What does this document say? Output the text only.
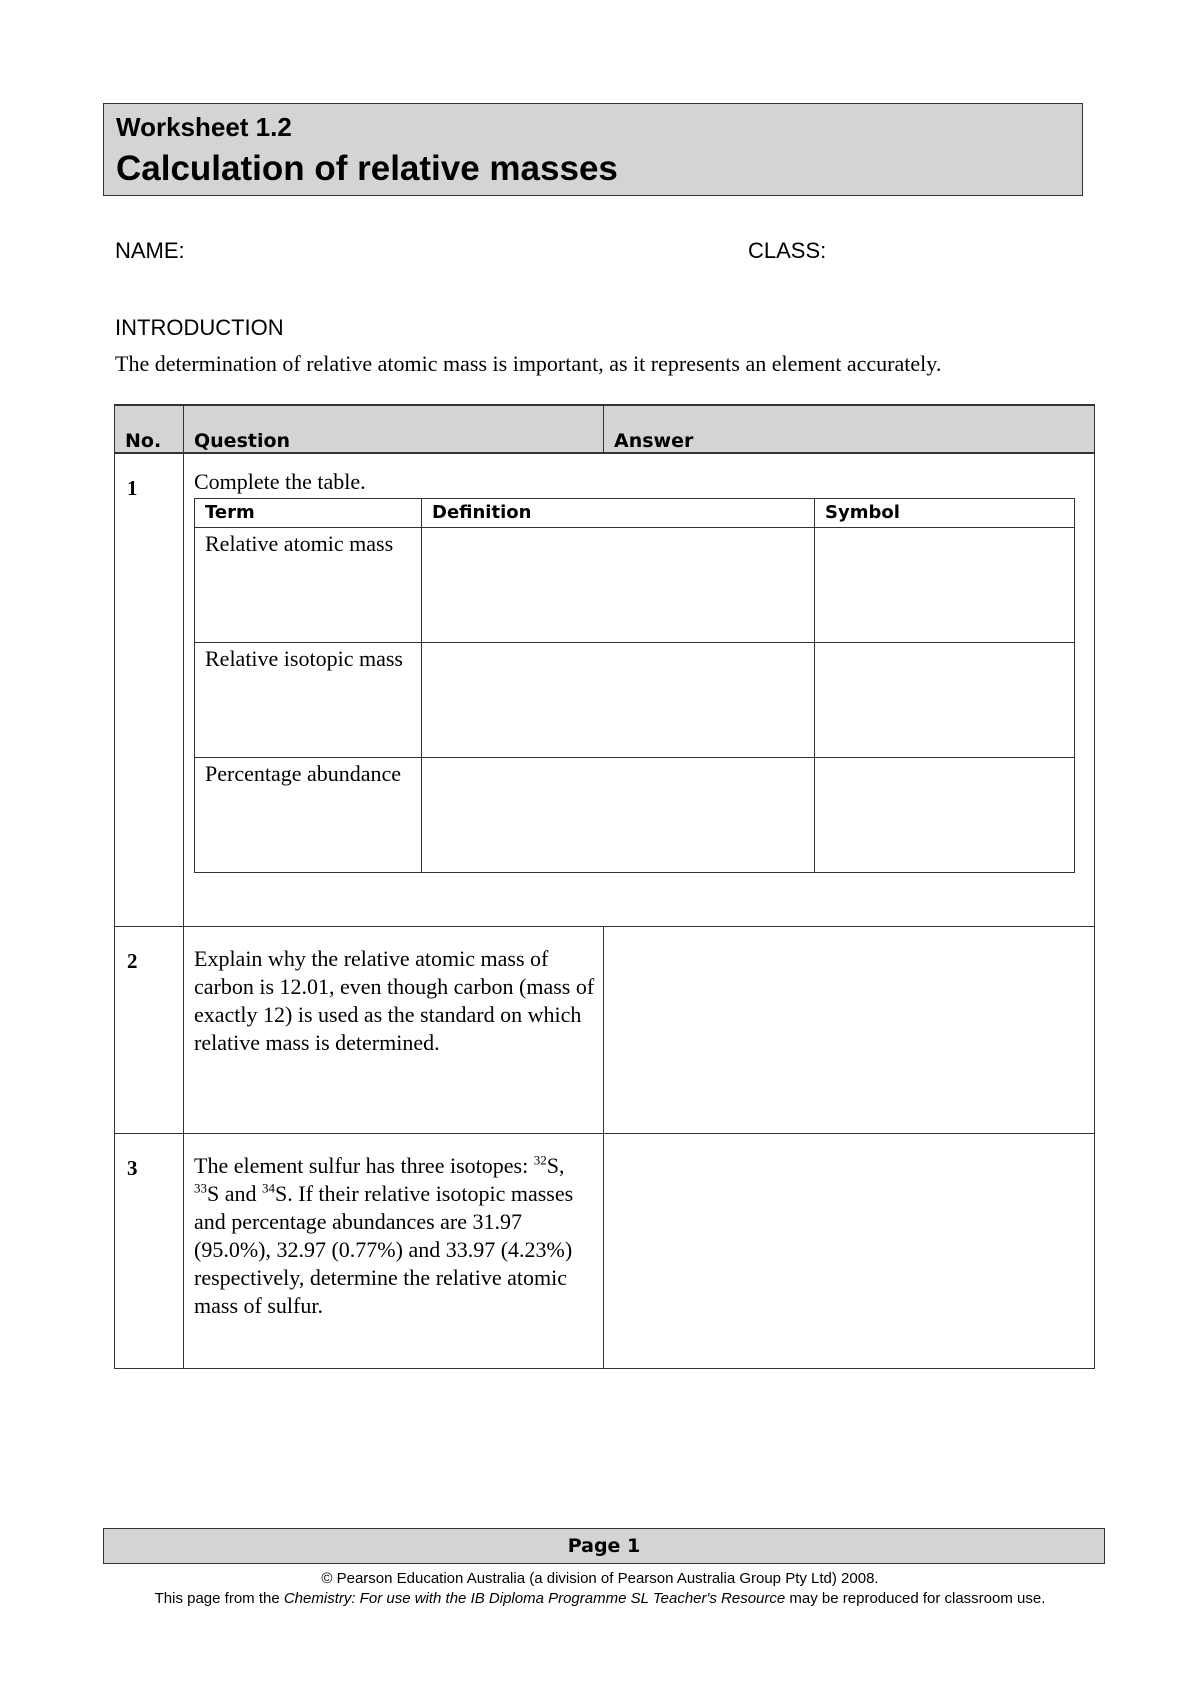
Worksheet 1.2
Calculation of relative masses
NAME:	CLASS:
INTRODUCTION
The determination of relative atomic mass is important, as it represents an element accurately.
No.	Question	Answer
1	Complete the table.
Term	Definition	Symbol
Relative atomic mass		
Relative isotopic mass		
Percentage abundance		

2	Explain why the relative atomic mass of carbon is 12.01, even though carbon (mass of exactly 12) is used as the standard on which relative mass is determined.	
3	The element sulfur has three isotopes: $^{32}$S, $^{33}$S and $^{34}$S. If their relative isotopic masses and percentage abundances are 31.97 (95.0%), 32.97 (0.77%) and 33.97 (4.23%) respectively, determine the relative atomic mass of sulfur.	
Page 1
© Pearson Education Australia (a division of Pearson Australia Group Pty Ltd) 2008.
This page from the Chemistry: For use with the IB Diploma Programme SL Teacher's Resource may be reproduced for classroom use.
